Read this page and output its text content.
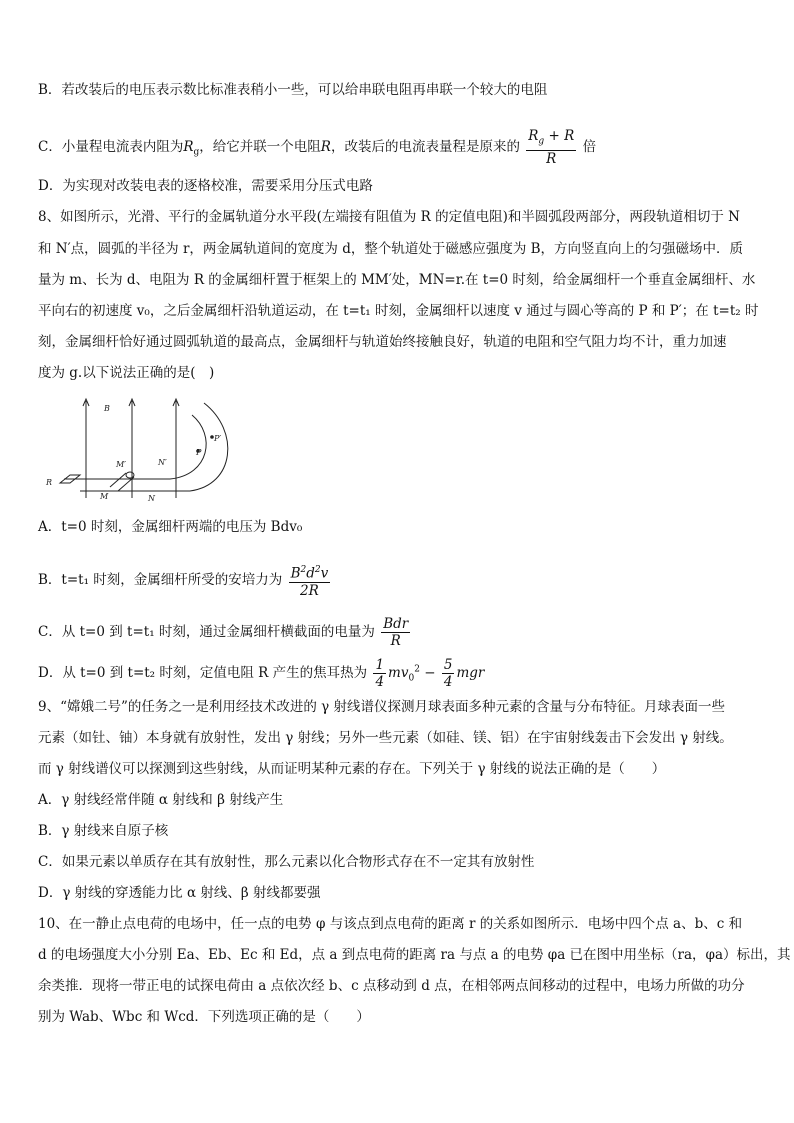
B．若改装后的电压表示数比标准表稍小一些，可以给串联电阻再串联一个较大的电阻
C．小量程电流表内阻为$R_g$，给它并联一个电阻R，改装后的电流表量程是原来的 $\frac{R_g + R}{R}$ 倍
D．为实现对改装电表的逐格校准，需要采用分压式电路
8、如图所示，光滑、平行的金属轨道分水平段(左端接有阻值为 R 的定值电阻)和半圆弧段两部分，两段轨道相切于 N
和 N′点，圆弧的半径为 r，两金属轨道间的宽度为 d，整个轨道处于磁感应强度为 B，方向竖直向上的匀强磁场中．质
量为 m、长为 d、电阻为 R 的金属细杆置于框架上的 MM′处，MN=r.在 t=0 时刻，给金属细杆一个垂直金属细杆、水
平向右的初速度 v₀，之后金属细杆沿轨道运动，在 t=t₁ 时刻，金属细杆以速度 v 通过与圆心等高的 P 和 P′；在 t=t₂ 时
刻，金属细杆恰好通过圆弧轨道的最高点，金属细杆与轨道始终接触良好，轨道的电阻和空气阻力均不计，重力加速
度为 g.以下说法正确的是(　)
B
M′	N′
P
P′
R
M	N
A．t=0 时刻，金属细杆两端的电压为 Bdv₀
B．t=t₁ 时刻，金属细杆所受的安培力为 $\frac{B^2d^2v}{2R}$
C．从 t=0 到 t=t₁ 时刻，通过金属细杆横截面的电量为 $\frac{\text{Bdr}}{R}$
D．从 t=0 到 t=t₂ 时刻，定值电阻 R 产生的焦耳热为 $\frac{1}{4} mv_0^2 - \frac{5}{4}$ mgr
9、“嫦娥二号”的任务之一是利用经技术改进的 γ 射线谱仪探测月球表面多种元素的含量与分布特征。月球表面一些
元素（如钍、铀）本身就有放射性，发出 γ 射线；另外一些元素（如硅、镁、铝）在宇宙射线轰击下会发出 γ 射线。
而 γ 射线谱仪可以探测到这些射线，从而证明某种元素的存在。下列关于 γ 射线的说法正确的是（　　）
A．γ 射线经常伴随 α 射线和 β 射线产生
B．γ 射线来自原子核
C．如果元素以单质存在其有放射性，那么元素以化合物形式存在不一定其有放射性
D．γ 射线的穿透能力比 α 射线、β 射线都要强
10、在一静止点电荷的电场中，任一点的电势 φ 与该点到点电荷的距离 r 的关系如图所示．电场中四个点 a、b、c 和
d 的电场强度大小分别 Ea、Eb、Ec 和 Ed，点 a 到点电荷的距离 ra 与点 a 的电势 φa 已在图中用坐标（ra，φa）标出，其
余类推．现将一带正电的试探电荷由 a 点依次经 b、c 点移动到 d 点，在相邻两点间移动的过程中，电场力所做的功分
别为 Wab、Wbc 和 Wcd．下列选项正确的是（　　）
